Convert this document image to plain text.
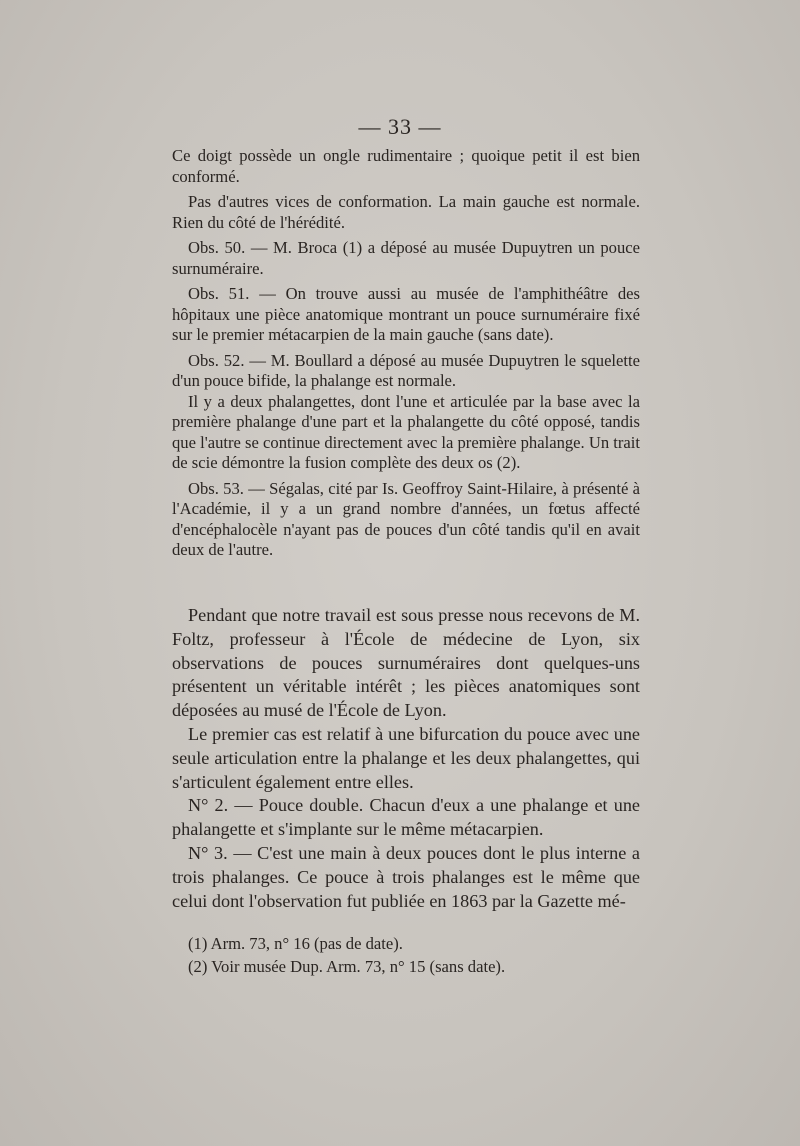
— 33 —

Ce doigt possède un ongle rudimentaire ; quoique petit il est bien conformé.

Pas d'autres vices de conformation. La main gauche est normale. Rien du côté de l'hérédité.

Obs. 50. — M. Broca (1) a déposé au musée Dupuytren un pouce surnuméraire.

Obs. 51. — On trouve aussi au musée de l'amphithéâtre des hôpitaux une pièce anatomique montrant un pouce surnuméraire fixé sur le premier métacarpien de la main gauche (sans date).

Obs. 52. — M. Boullard a déposé au musée Dupuytren le squelette d'un pouce bifide, la phalange est normale.

Il y a deux phalangettes, dont l'une et articulée par la base avec la première phalange d'une part et la phalangette du côté opposé, tandis que l'autre se continue directement avec la première phalange. Un trait de scie démontre la fusion complète des deux os (2).

Obs. 53. — Ségalas, cité par Is. Geoffroy Saint-Hilaire, à présenté à l'Académie, il y a un grand nombre d'années, un fœtus affecté d'encéphalocèle n'ayant pas de pouces d'un côté tandis qu'il en avait deux de l'autre.

Pendant que notre travail est sous presse nous recevons de M. Foltz, professeur à l'École de médecine de Lyon, six observations de pouces surnuméraires dont quelques-uns présentent un véritable intérêt ; les pièces anatomiques sont déposées au musé de l'École de Lyon.

Le premier cas est relatif à une bifurcation du pouce avec une seule articulation entre la phalange et les deux phalangettes, qui s'articulent également entre elles.

N° 2. — Pouce double. Chacun d'eux a une phalange et une phalangette et s'implante sur le même métacarpien.

N° 3. — C'est une main à deux pouces dont le plus interne a trois phalanges. Ce pouce à trois phalanges est le même que celui dont l'observation fut publiée en 1863 par la Gazette mé-

(1) Arm. 73, n° 16 (pas de date).
(2) Voir musée Dup. Arm. 73, n° 15 (sans date).
